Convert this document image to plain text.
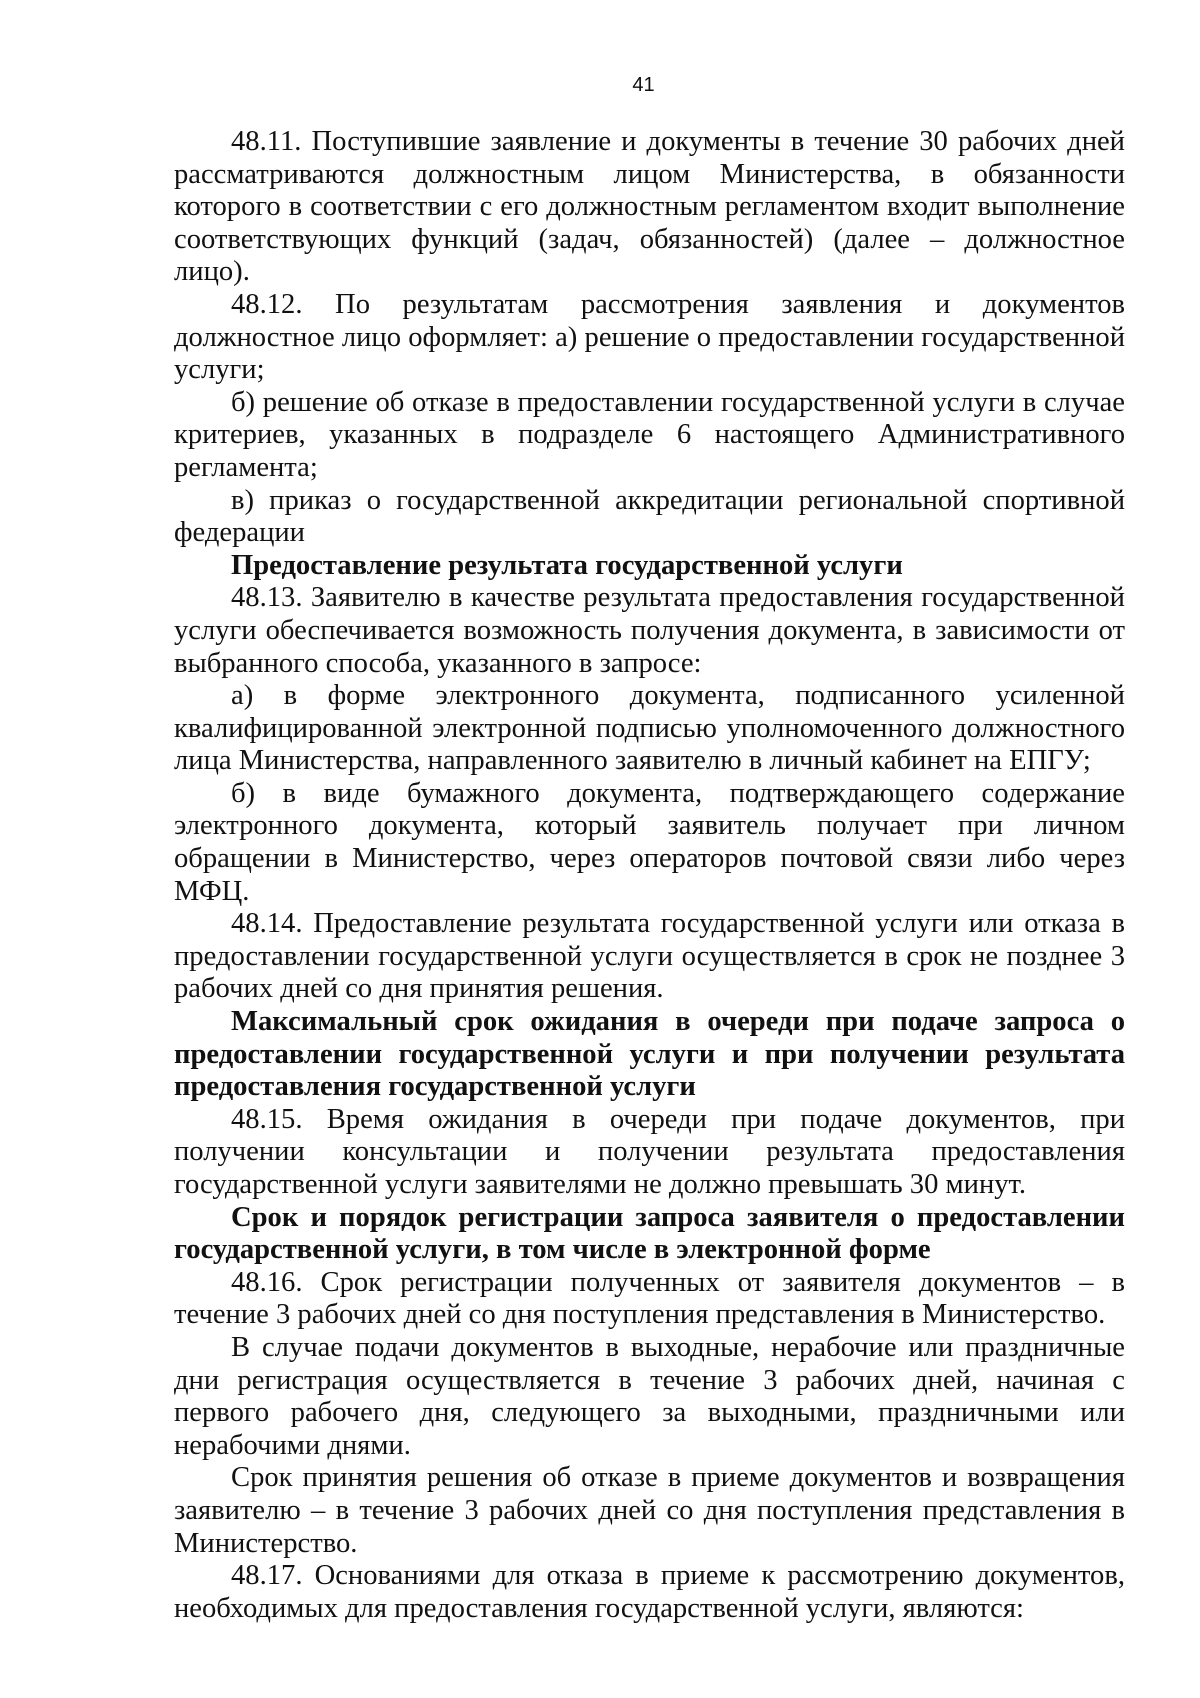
41

48.11. Поступившие заявление и документы в течение 30 рабочих дней рассматриваются должностным лицом Министерства, в обязанности которого в соответствии с его должностным регламентом входит выполнение соответствующих функций (задач, обязанностей) (далее – должностное лицо).

48.12. По результатам рассмотрения заявления и документов должностное лицо оформляет: а) решение о предоставлении государственной услуги;

б) решение об отказе в предоставлении государственной услуги в случае критериев, указанных в подразделе 6 настоящего Административного регламента;

в) приказ о государственной аккредитации региональной спортивной федерации

Предоставление результата государственной услуги

48.13. Заявителю в качестве результата предоставления государственной услуги обеспечивается возможность получения документа, в зависимости от выбранного способа, указанного в запросе:

а) в форме электронного документа, подписанного усиленной квалифицированной электронной подписью уполномоченного должностного лица Министерства, направленного заявителю в личный кабинет на ЕПГУ;

б) в виде бумажного документа, подтверждающего содержание электронного документа, который заявитель получает при личном обращении в Министерство, через операторов почтовой связи либо через МФЦ.

48.14. Предоставление результата государственной услуги или отказа в предоставлении государственной услуги осуществляется в срок не позднее 3 рабочих дней со дня принятия решения.

Максимальный срок ожидания в очереди при подаче запроса о предоставлении государственной услуги и при получении результата предоставления государственной услуги

48.15. Время ожидания в очереди при подаче документов, при получении консультации и получении результата предоставления государственной услуги заявителями не должно превышать 30 минут.

Срок и порядок регистрации запроса заявителя о предоставлении государственной услуги, в том числе в электронной форме

48.16. Срок регистрации полученных от заявителя документов – в течение 3 рабочих дней со дня поступления представления в Министерство.

В случае подачи документов в выходные, нерабочие или праздничные дни регистрация осуществляется в течение 3 рабочих дней, начиная с первого рабочего дня, следующего за выходными, праздничными или нерабочими днями.

Срок принятия решения об отказе в приеме документов и возвращения заявителю – в течение 3 рабочих дней со дня поступления представления в Министерство.

48.17. Основаниями для отказа в приеме к рассмотрению документов, необходимых для предоставления государственной услуги, являются:
